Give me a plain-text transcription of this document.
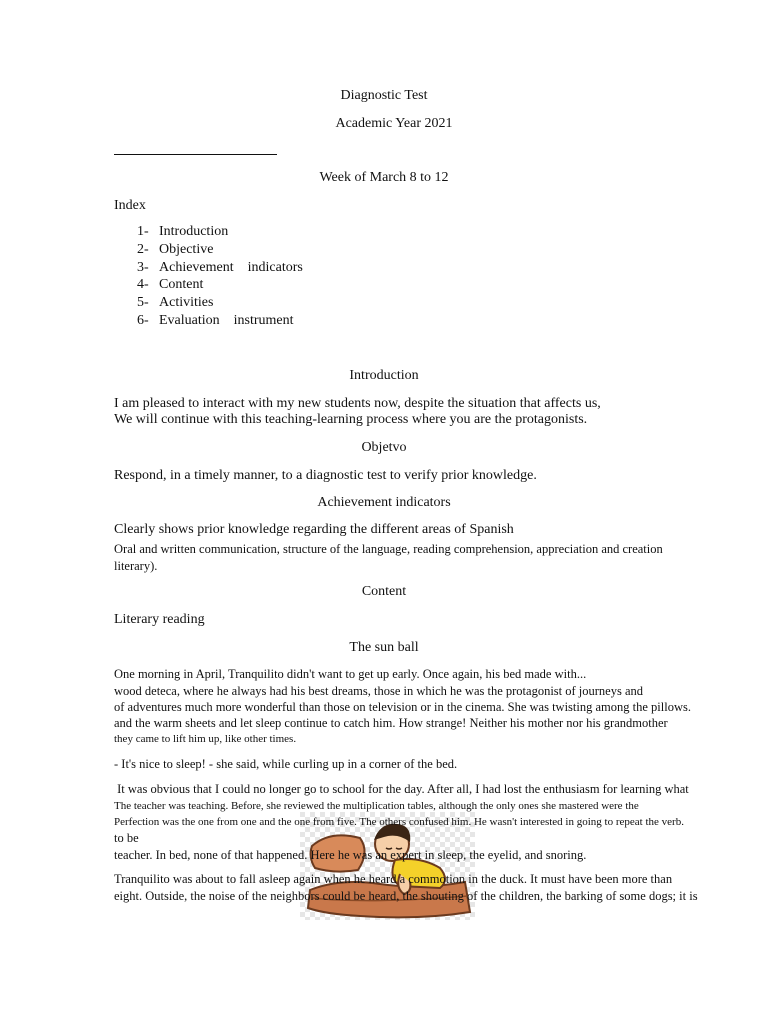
Diagnostic Test
Academic Year 2021
Week of March 8 to 12
Index
1- Introduction
2- Objective
3- Achievement    indicators
4- Content
5- Activities
6- Evaluation    instrument
Introduction
I am pleased to interact with my new students now, despite the situation that affects us,
We will continue with this teaching-learning process where you are the protagonists.
Objetvo
Respond, in a timely manner, to a diagnostic test to verify prior knowledge.
Achievement indicators
Clearly shows prior knowledge regarding the different areas of Spanish
Oral and written communication, structure of the language, reading comprehension, appreciation and creation
literary).
Content
Literary reading
The sun ball
One morning in April, Tranquilito didn't want to get up early. Once again, his bed made with...
wood deteca, where he always had his best dreams, those in which he was the protagonist of journeys and
of adventures much more wonderful than those on television or in the cinema. She was twisting among the pillows.
and the warm sheets and let sleep continue to catch him. How strange! Neither his mother nor his grandmother
they came to lift him up, like other times.
- It's nice to sleep! - she said, while curling up in a corner of the bed.
It was obvious that I could no longer go to school for the day. After all, I had lost the enthusiasm for learning what
The teacher was teaching. Before, she reviewed the multiplication tables, although the only ones she mastered were the
Perfection was the one from one and the one from five. The others confused him. He wasn't interested in going to repeat the verb.
to be
teacher. In bed, none of that happened. Here he was an expert in sleep, the eyelid, and snoring.
Tranquilito was about to fall asleep again when he heard a commotion in the duck. It must have been more than
eight. Outside, the noise of the neighbors could be heard, the shouting of the children, the barking of some dogs; it is
